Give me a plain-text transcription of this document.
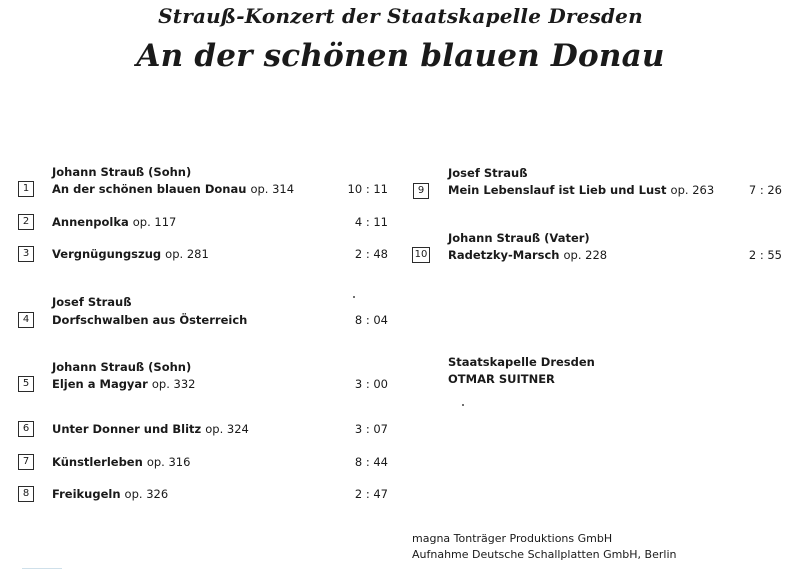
Strauß-Konzert der Staatskapelle Dresden
An der schönen blauen Donau
Johann Strauß (Sohn)
1	An der schönen blauen Donau op. 314	10 : 11
2	Annenpolka op. 117	4 : 11
3	Vergnügungszug op. 281	2 : 48
Josef Strauß
4	Dorfschwalben aus Österreich	8 : 04
Johann Strauß (Sohn)
5	Eljen a Magyar op. 332	3 : 00
6	Unter Donner und Blitz op. 324	3 : 07
7	Künstlerleben op. 316	8 : 44
8	Freikugeln op. 326	2 : 47
Josef Strauß
9	Mein Lebenslauf ist Lieb und Lust op. 263	7 : 26
Johann Strauß (Vater)
10 Radetzky-Marsch op. 228	2 : 55
Staatskapelle Dresden
OTMAR SUITNER
magna Tonträger Produktions GmbH
Aufnahme Deutsche Schallplatten GmbH, Berlin
